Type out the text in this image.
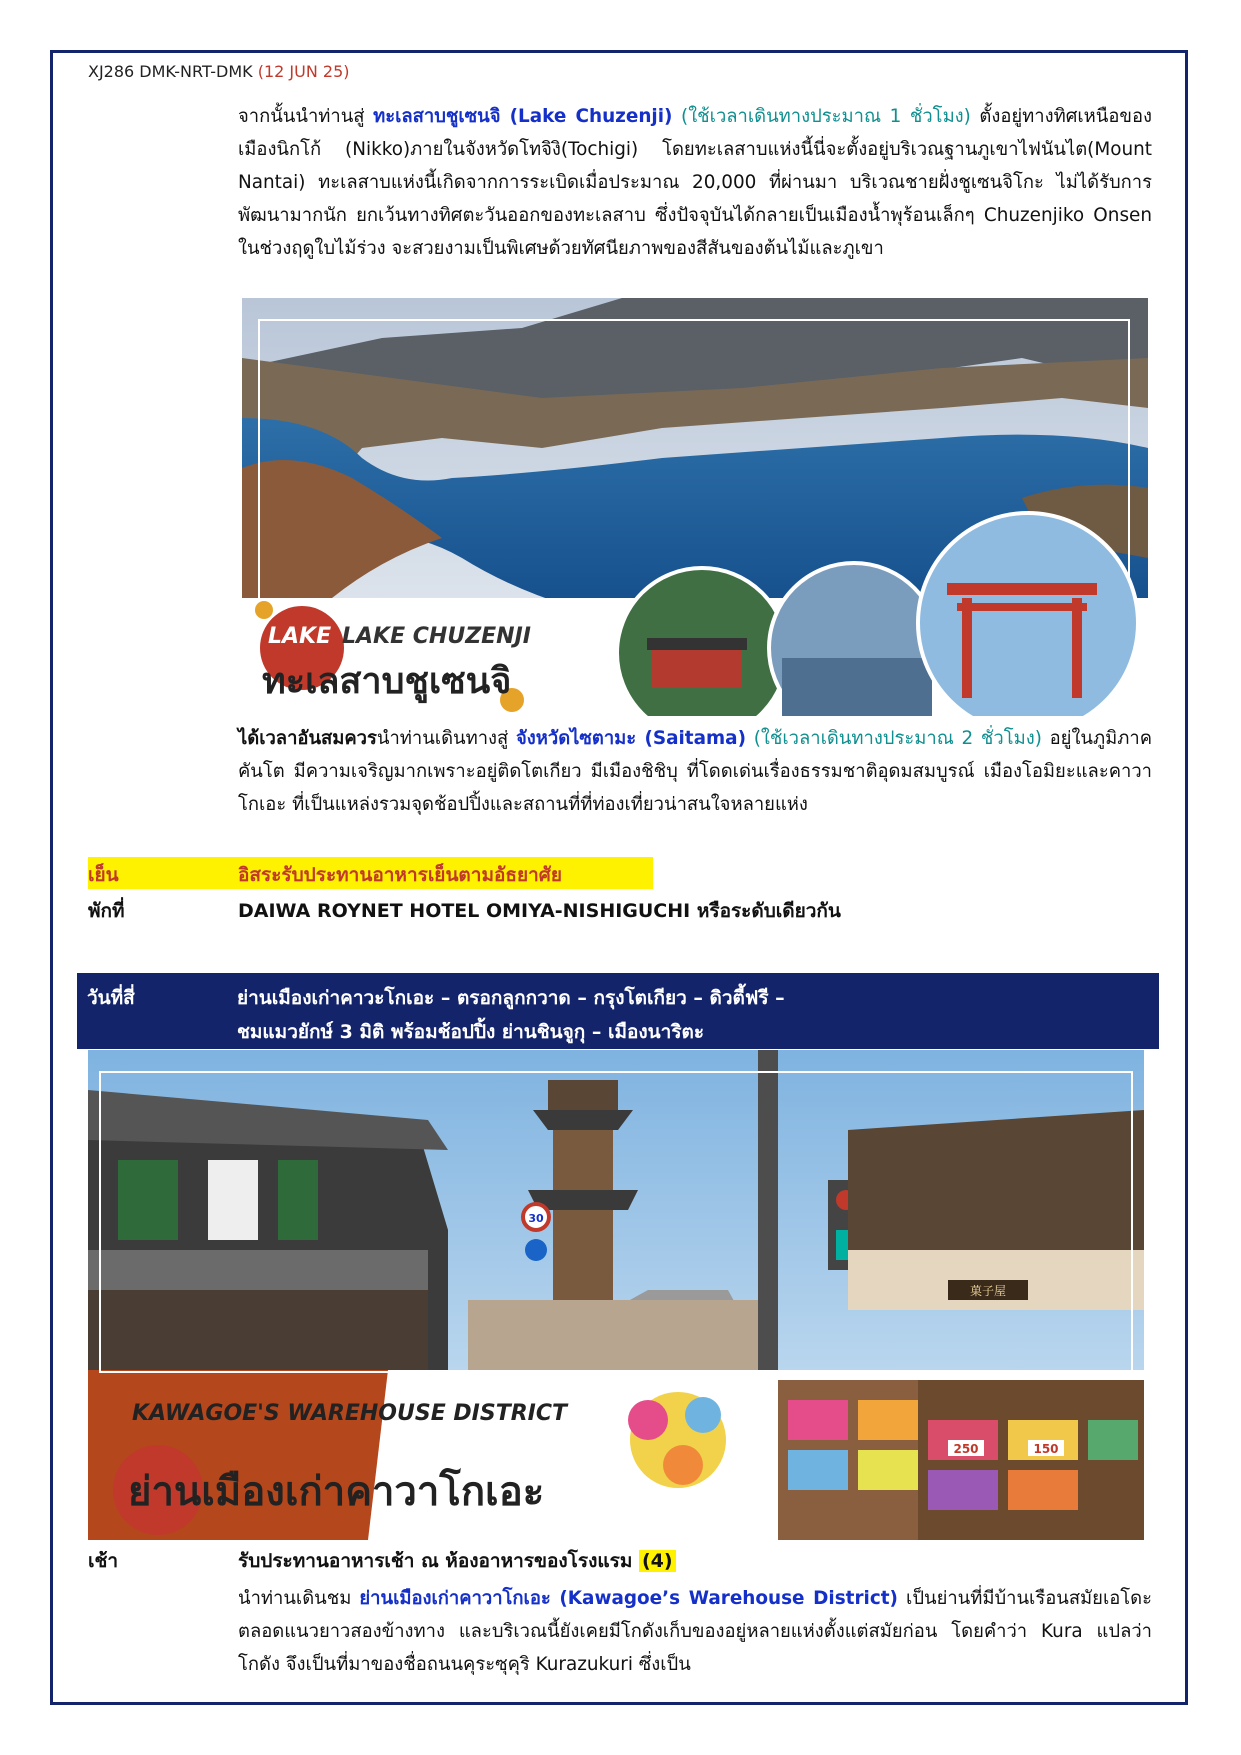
XJ286 DMK-NRT-DMK (12 JUN 25)
จากนั้นนำท่านสู่ ทะเลสาบชูเซนจิ (Lake Chuzenji) (ใช้เวลาเดินทางประมาณ 1 ชั่วโมง) ตั้งอยู่ทางทิศเหนือของเมืองนิกโก้ (Nikko)ภายในจังหวัดโทจิงิ(Tochigi) โดยทะเลสาบแห่งนี้นี่จะตั้งอยู่บริเวณฐานภูเขาไฟนันไต(Mount Nantai) ทะเลสาบแห่งนี้เกิดจากการระเบิดเมื่อประมาณ 20,000 ที่ผ่านมา บริเวณชายฝั่งชูเซนจิโกะ ไม่ได้รับการพัฒนามากนัก ยกเว้นทางทิศตะวันออกของทะเลสาบ ซึ่งปัจจุบันได้กลายเป็นเมืองน้ำพุร้อนเล็กๆ Chuzenjiko Onsen ในช่วงฤดูใบไม้ร่วง จะสวยงามเป็นพิเศษด้วยทัศนียภาพของสีสันของต้นไม้และภูเขา
LAKE LAKE CHUZENJI
ทะเลสาบชูเซนจิ
ได้เวลาอันสมควรนำท่านเดินทางสู่ จังหวัดไซตามะ (Saitama) (ใช้เวลาเดินทางประมาณ 2 ชั่วโมง) อยู่ในภูมิภาคคันโต มีความเจริญมากเพราะอยู่ติดโตเกียว มีเมืองชิชิบุ ที่โดดเด่นเรื่องธรรมชาติอุดมสมบูรณ์ เมืองโอมิยะและคาวาโกเอะ ที่เป็นแหล่งรวมจุดช้อปปิ้งและสถานที่ที่ท่องเที่ยวน่าสนใจหลายแห่ง
เย็น	อิสระรับประทานอาหารเย็นตามอัธยาศัย
พักที่	DAIWA ROYNET HOTEL OMIYA-NISHIGUCHI หรือระดับเดียวกัน
วันที่สี่	ย่านเมืองเก่าคาวะโกเอะ – ตรอกลูกกวาด – กรุงโตเกียว – ดิวตี้ฟรี –
ชมแมวยักษ์ 3 มิติ พร้อมช้อปปิ้ง ย่านชินจูกุ – เมืองนาริตะ
30
菓子屋
250	150
KAWAGOE'S WAREHOUSE DISTRICT
ย่านเมืองเก่าคาวาโกเอะ
เช้า	รับประทานอาหารเช้า ณ ห้องอาหารของโรงแรม (4)
นำท่านเดินชม ย่านเมืองเก่าคาวาโกเอะ (Kawagoe’s Warehouse District) เป็นย่านที่มีบ้านเรือนสมัยเอโดะตลอดแนวยาวสองข้างทาง และบริเวณนี้ยังเคยมีโกดังเก็บของอยู่หลายแห่งตั้งแต่สมัยก่อน โดยคำว่า Kura แปลว่า โกดัง จึงเป็นที่มาของชื่อถนนคุระซุคุริ Kurazukuri ซึ่งเป็น
